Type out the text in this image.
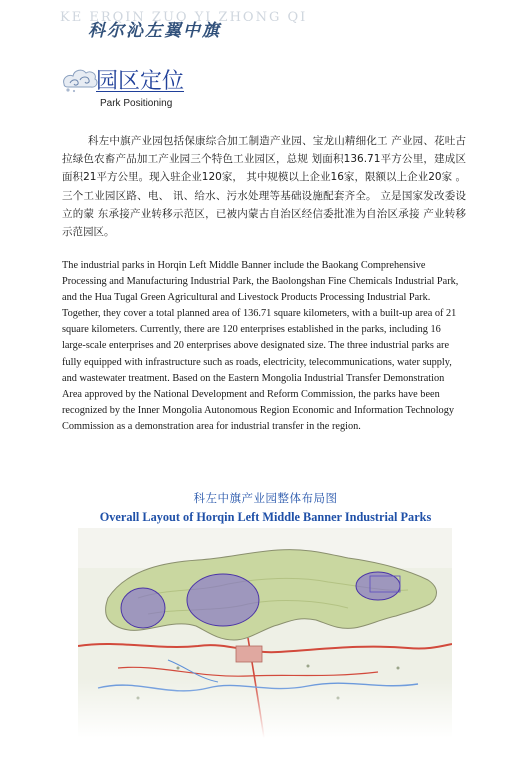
KE ERQIN ZUO YI ZHONG QI
科尔沁左翼中旗
园区定位
Park Positioning

科左中旗产业园包括保康综合加工制造产业园、宝龙山精细化工 产业园、花吐古拉绿色农畜产品加工产业园三个特色工业园区，总规 划面积136.71平方公里，建成区面积21平方公里。现入驻企业120家， 其中规模以上企业16家，限额以上企业20家 。三个工业园区路、电、 讯、给水、污水处理等基础设施配套齐全。 立是国家发改委设立的蒙 东承接产业转移示范区，已被内蒙古自治区经信委批准为自治区承接 产业转移示范园区。

The industrial parks in Horqin Left Middle Banner include the Baokang Comprehensive Processing and Manufacturing Industrial Park, the Baolongshan Fine Chemicals Industrial Park, and the Hua Tugal Green Agricultural and Livestock Products Processing Industrial Park. Together, they cover a total planned area of 136.71 square kilometers, with a built-up area of 21 square kilometers. Currently, there are 120 enterprises established in the parks, including 16 large-scale enterprises and 20 enterprises above designated size. The three industrial parks are fully equipped with infrastructure such as roads, electricity, telecommunications, water supply, and wastewater treatment. Based on the Eastern Mongolia Industrial Transfer Demonstration Area approved by the National Development and Reform Commission, the parks have been recognized by the Inner Mongolia Autonomous Region Economic and Information Technology Commission as a demonstration area for industrial transfer in the region.

科左中旗产业园整体布局图
Overall Layout of Horqin Left Middle Banner Industrial Parks
